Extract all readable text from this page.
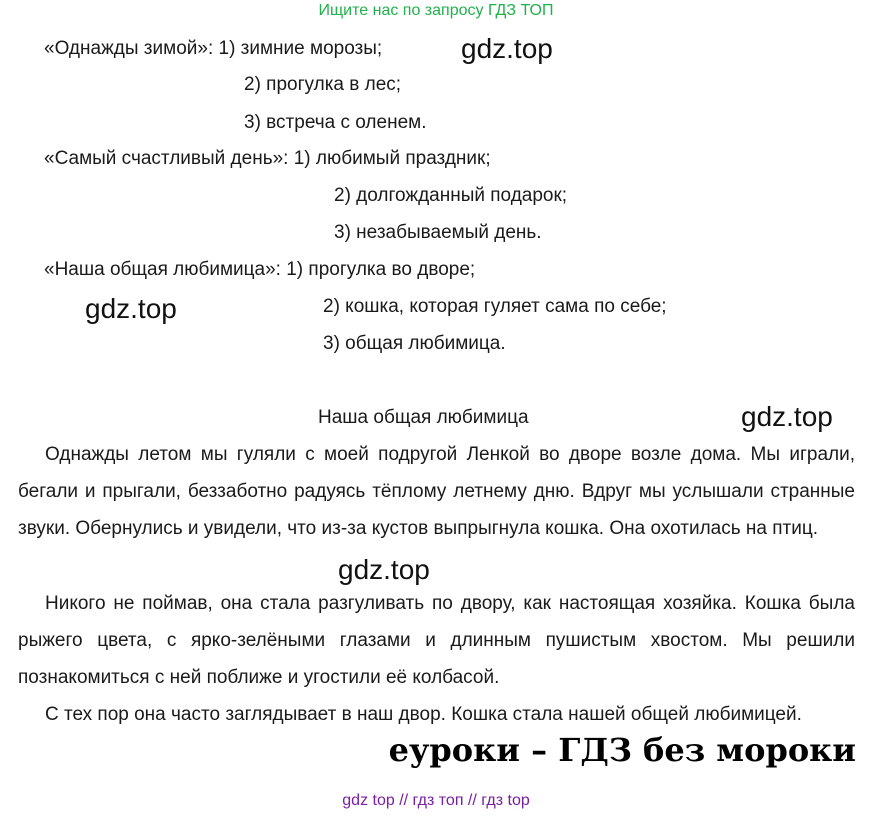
Ищите нас по запросу ГДЗ ТОП
«Однажды зимой»: 1) зимние морозы;
2) прогулка в лес;
3) встреча с оленем.
«Самый счастливый день»: 1) любимый праздник;
2) долгожданный подарок;
3) незабываемый день.
«Наша общая любимица»: 1) прогулка во дворе;
2) кошка, которая гуляет сама по себе;
3) общая любимица.
gdz.top
gdz.top
gdz.top
gdz.top
Наша общая любимица
Однажды летом мы гуляли с моей подругой Ленкой во дворе возле дома. Мы играли, бегали и прыгали, беззаботно радуясь тёплому летнему дню. Вдруг мы услышали странные звуки. Обернулись и увидели, что из-за кустов выпрыгнула кошка. Она охотилась на птиц.
Никого не поймав, она стала разгуливать по двору, как настоящая хозяйка. Кошка была рыжего цвета, с ярко-зелёными глазами и длинным пушистым хвостом. Мы решили познакомиться с ней поближе и угостили её колбасой.
С тех пор она часто заглядывает в наш двор. Кошка стала нашей общей любимицей.
еуроки – ГДЗ без мороки
gdz top // гдз топ // гдз top
